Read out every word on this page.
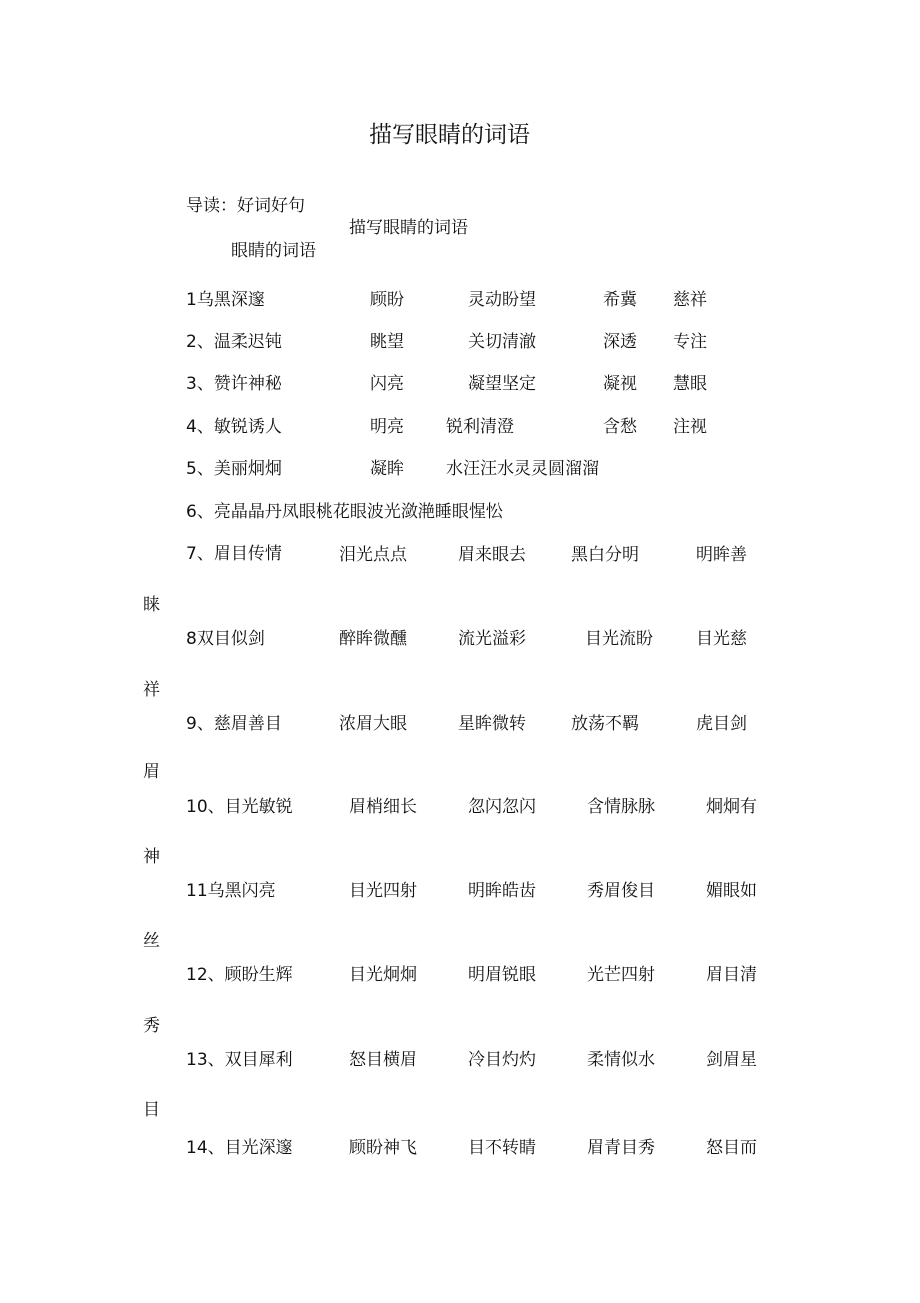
描写眼睛的词语
导读：好词好句
描写眼睛的词语
眼睛的词语
1乌黑深邃	顾盼	灵动盼望	希冀 慈祥
2、温柔迟钝	眺望	关切清澈	深透 专注
3、赞许神秘	闪亮	凝望坚定	凝视 慧眼
4、敏锐诱人	明亮 锐利清澄	含愁 注视
5、美丽炯炯	凝眸 水汪汪水灵灵圆溜溜
6、亮晶晶丹凤眼桃花眼波光潋滟睡眼惺忪
7、眉目传情	泪光点点	眉来眼去	黑白分明	明眸善
睐
8双目似剑	醉眸微醺	流光溢彩	目光流盼	目光慈
祥
9、慈眉善目	浓眉大眼	星眸微转	放荡不羁	虎目剑
眉
10、目光敏锐	眉梢细长	忽闪忽闪	含情脉脉	炯炯有
神
11乌黑闪亮	目光四射	明眸皓齿	秀眉俊目	媚眼如
丝
12、顾盼生辉	目光炯炯	明眉锐眼	光芒四射	眉目清
秀
13、双目犀利	怒目横眉	冷目灼灼	柔情似水	剑眉星
目
14、目光深邃	顾盼神飞	目不转睛	眉青目秀	怒目而
